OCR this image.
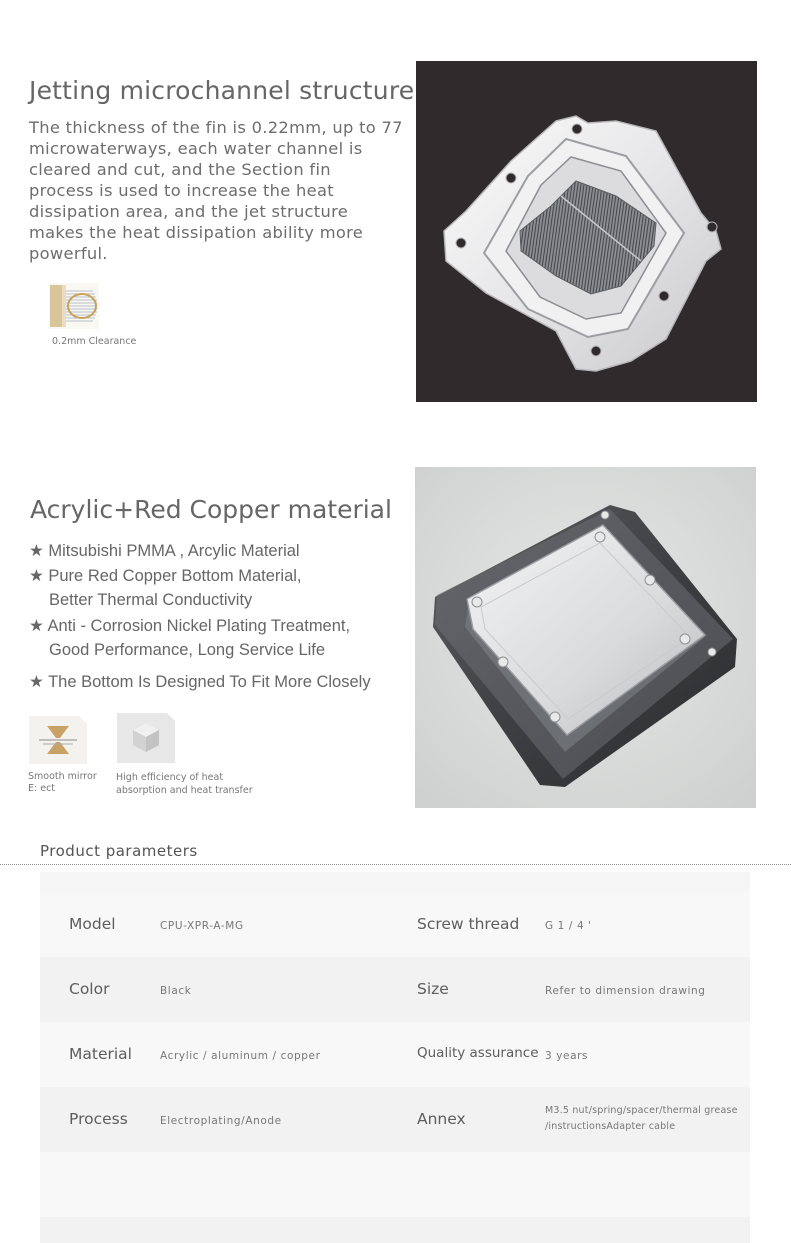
Jetting microchannel structure
The thickness of the fin is 0.22mm, up to 77
microwaterways, each water channel is
cleared and cut, and the Section fin
process is used to increase the heat
dissipation area, and the jet structure
makes the heat dissipation ability more
powerful.
0.2mm Clearance
Acrylic+Red Copper material
★ Mitsubishi PMMA , Arcylic Material
★ Pure Red Copper Bottom Material,
Better Thermal Conductivity
★ Anti - Corrosion Nickel Plating Treatment,
Good Performance, Long Service Life
★ The Bottom Is Designed To Fit More Closely
Smooth mirror
E: ect
High efficiency of heat
absorption and heat transfer
Product parameters
Model	CPU-XPR-A-MG	Screw thread G 1 / 4 '
Color	Black	Size	Refer to dimension drawing
Material	Acrylic / aluminum / copper	Quality assurance 3 years
Process	Electroplating/Anode	Annex	M3.5 nut/spring/spacer/thermal grease
/instructionsAdapter cable
